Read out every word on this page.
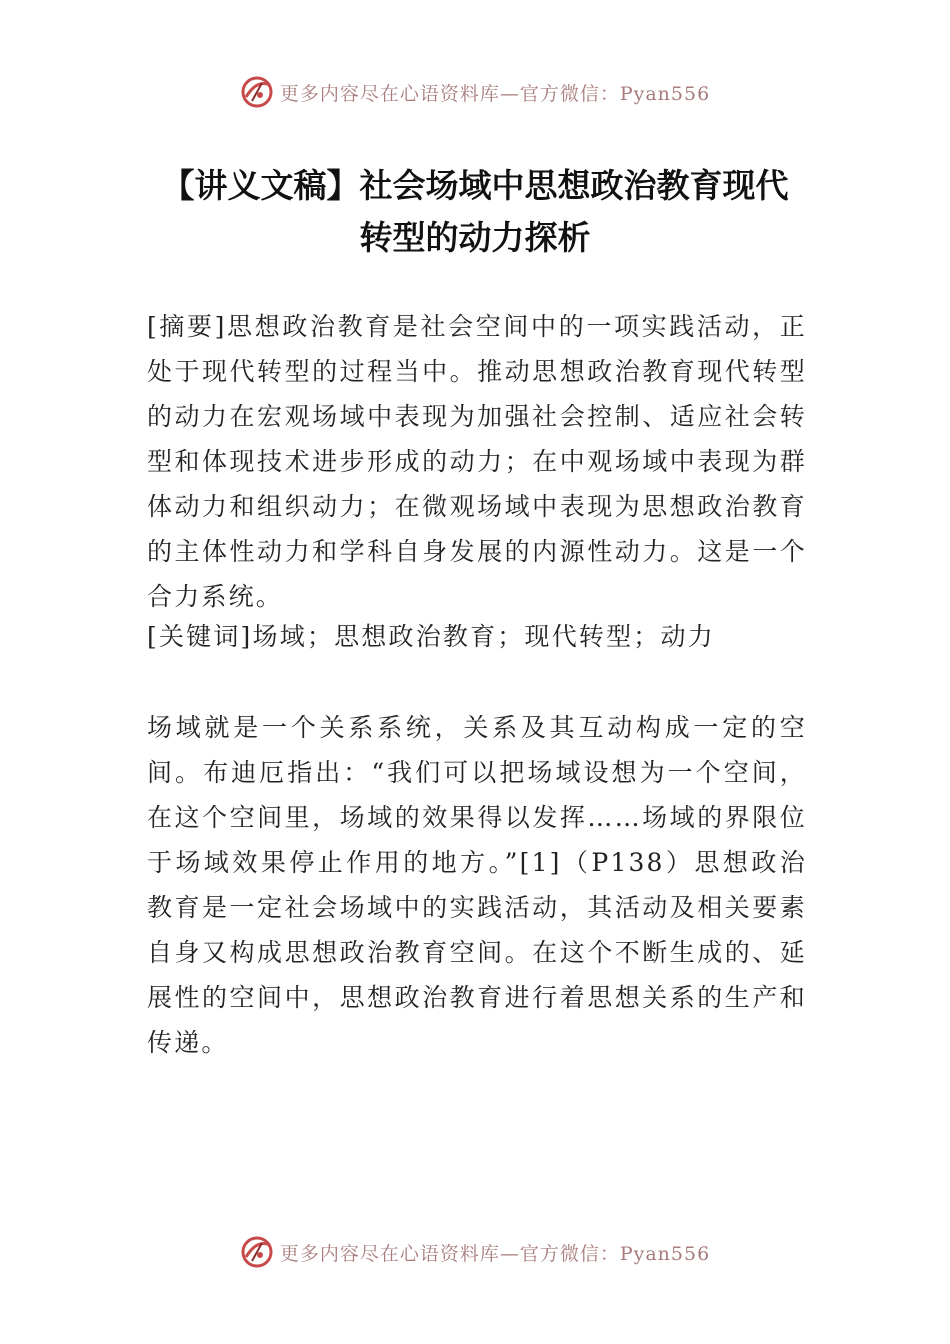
更多内容尽在心语资料库—官方微信：Pyan556
【讲义文稿】社会场域中思想政治教育现代
转型的动力探析

[摘要]思想政治教育是社会空间中的一项实践活动，正处于现代转型的过程当中。推动思想政治教育现代转型的动力在宏观场域中表现为加强社会控制、适应社会转型和体现技术进步形成的动力；在中观场域中表现为群体动力和组织动力；在微观场域中表现为思想政治教育的主体性动力和学科自身发展的内源性动力。这是一个合力系统。

[关键词]场域；思想政治教育；现代转型；动力

场域就是一个关系系统，关系及其互动构成一定的空间。布迪厄指出：“我们可以把场域设想为一个空间，在这个空间里，场域的效果得以发挥……场域的界限位于场域效果停止作用的地方。”[1]（P138）思想政治教育是一定社会场域中的实践活动，其活动及相关要素自身又构成思想政治教育空间。在这个不断生成的、延展性的空间中，思想政治教育进行着思想关系的生产和传递。

更多内容尽在心语资料库—官方微信：Pyan556
